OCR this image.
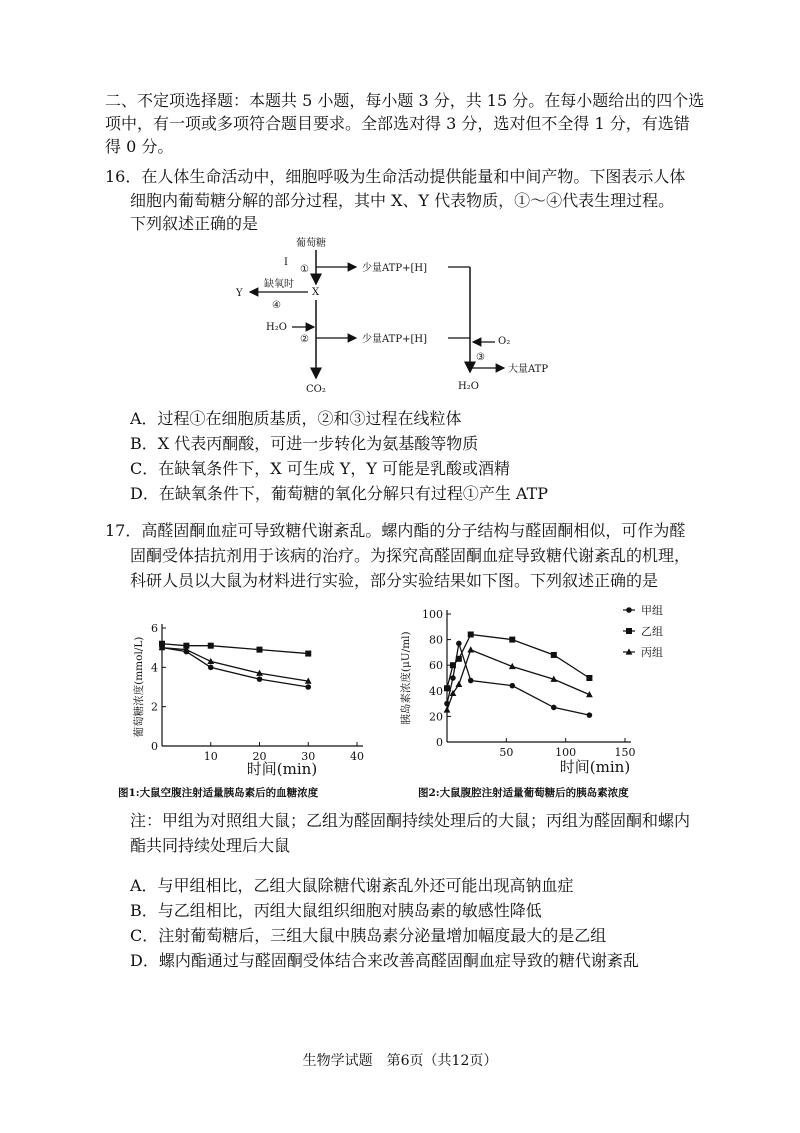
二、不定项选择题：本题共 5 小题，每小题 3 分，共 15 分。在每小题给出的四个选
项中，有一项或多项符合题目要求。全部选对得 3 分，选对但不全得 1 分，有选错
得 0 分。
16．在人体生命活动中，细胞呼吸为生命活动提供能量和中间产物。下图表示人体
细胞内葡萄糖分解的部分过程，其中 X、Y 代表物质，①～④代表生理过程。
下列叙述正确的是
葡萄糖
I
①	少量ATP+[H]
X
Y
缺氧时
④
H₂O
②	少量ATP+[H]
CO₂
O₂
③
大量ATP
H₂O
A．过程①在细胞质基质，②和③过程在线粒体
B．X 代表丙酮酸，可进一步转化为氨基酸等物质
C．在缺氧条件下，X 可生成 Y，Y 可能是乳酸或酒精
D．在缺氧条件下，葡萄糖的氧化分解只有过程①产生 ATP
17．高醛固酮血症可导致糖代谢紊乱。螺内酯的分子结构与醛固酮相似，可作为醛
固酮受体拮抗剂用于该病的治疗。为探究高醛固酮血症导致糖代谢紊乱的机理，
科研人员以大鼠为材料进行实验，部分实验结果如下图。下列叙述正确的是
10	20	30	40
0
2
4
6
时间(min)
葡萄糖浓度(mmol/L)
50	100	150
0
20
40
60
80
100
时间(min)
胰岛素浓度(μU/ml)
甲组
乙组
丙组
图1:大鼠空腹注射适量胰岛素后的血糖浓度	图2:大鼠腹腔注射适量葡萄糖后的胰岛素浓度
注：甲组为对照组大鼠；乙组为醛固酮持续处理后的大鼠；丙组为醛固酮和螺内
酯共同持续处理后大鼠
A．与甲组相比，乙组大鼠除糖代谢紊乱外还可能出现高钠血症
B．与乙组相比，丙组大鼠组织细胞对胰岛素的敏感性降低
C．注射葡萄糖后，三组大鼠中胰岛素分泌量增加幅度最大的是乙组
D．螺内酯通过与醛固酮受体结合来改善高醛固酮血症导致的糖代谢紊乱
生物学试题　第6页（共12页）
